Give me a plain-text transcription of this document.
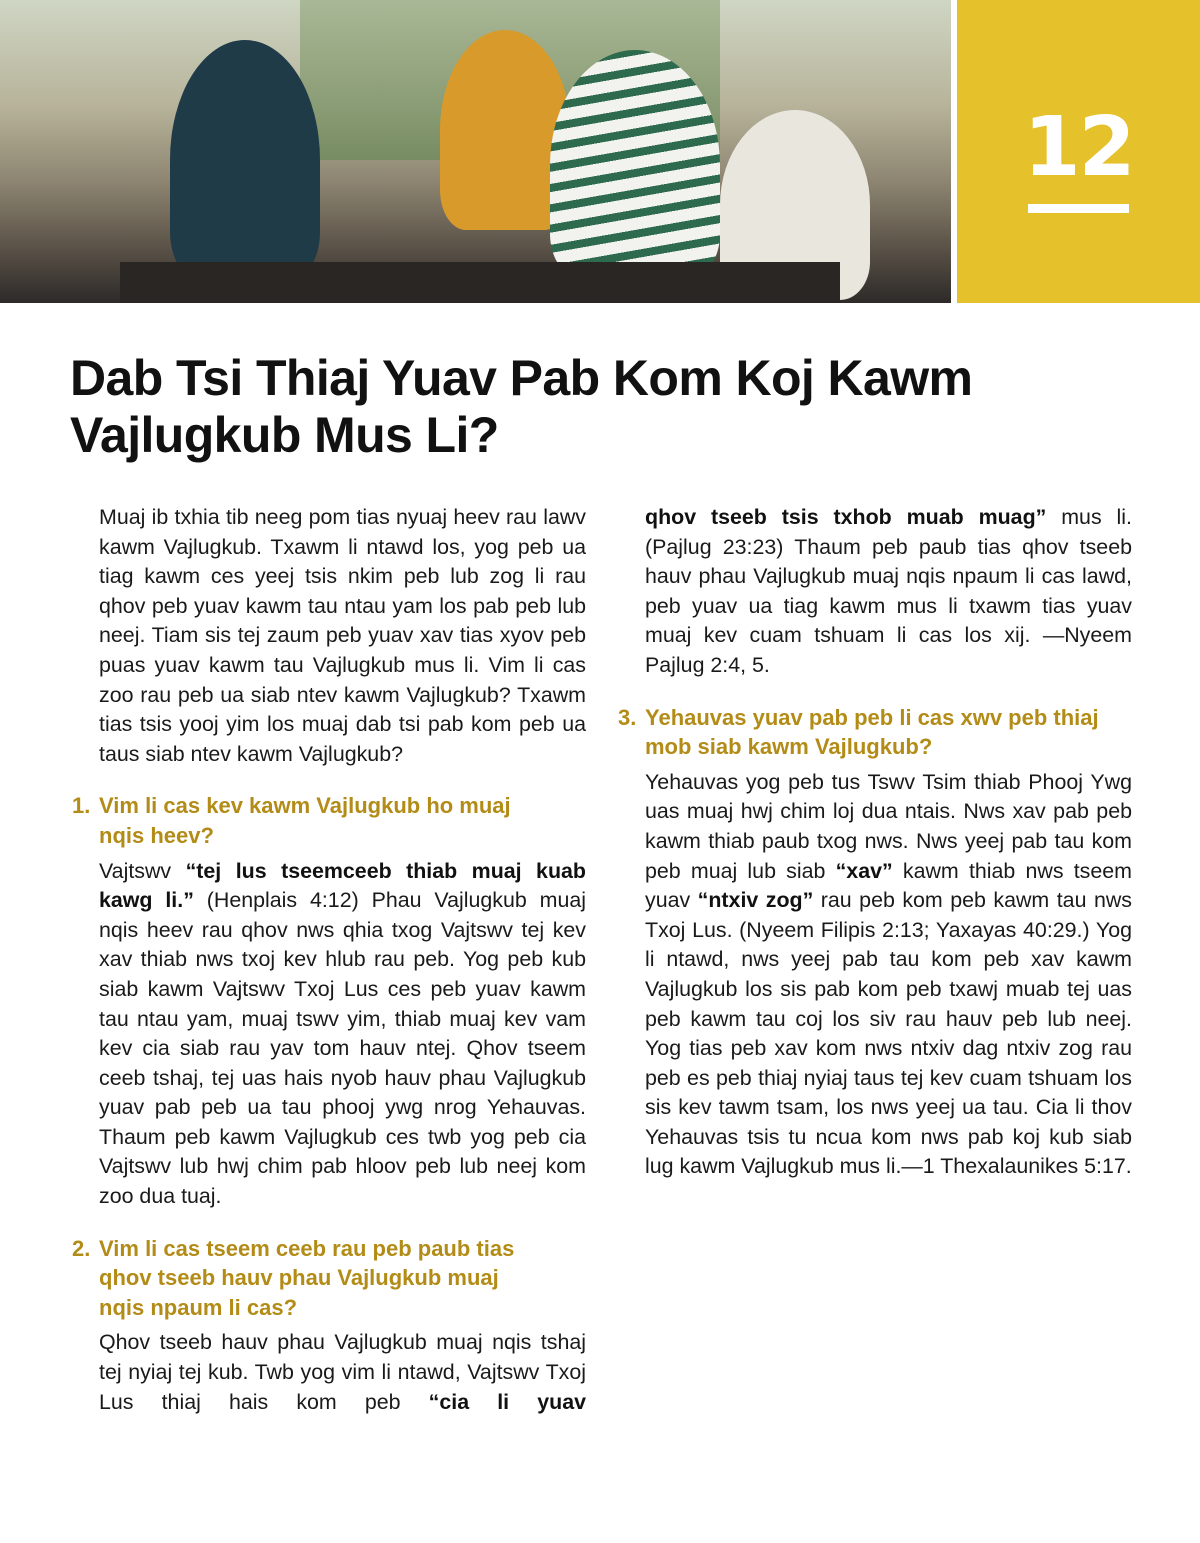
12
Dab Tsi Thiaj Yuav Pab Kom Koj Kawm Vajlugkub Mus Li?

Muaj ib txhia tib neeg pom tias nyuaj heev rau lawv kawm Vajlugkub. Txawm li ntawd los, yog peb ua tiag kawm ces yeej tsis nkim peb lub zog li rau qhov peb yuav kawm tau ntau yam los pab peb lub neej. Tiam sis tej zaum peb yuav xav tias xyov peb puas yuav kawm tau Vajlugkub mus li. Vim li cas zoo rau peb ua siab ntev kawm Vajlugkub? Txawm tias tsis yooj yim los muaj dab tsi pab kom peb ua taus siab ntev kawm Vajlugkub?

1. Vim li cas kev kawm Vajlugkub ho muaj nqis heev?

Vajtswv “tej lus tseemceeb thiab muaj kuab kawg li.” (Henplais 4:12) Phau Vajlugkub muaj nqis heev rau qhov nws qhia txog Vajtswv tej kev xav thiab nws txoj kev hlub rau peb. Yog peb kub siab kawm Vajtswv Txoj Lus ces peb yuav kawm tau ntau yam, muaj tswv yim, thiab muaj kev vam kev cia siab rau yav tom hauv ntej. Qhov tseem ceeb tshaj, tej uas hais nyob hauv phau Vajlugkub yuav pab peb ua tau phooj ywg nrog Yehauvas. Thaum peb kawm Vajlugkub ces twb yog peb cia Vajtswv lub hwj chim pab hloov peb lub neej kom zoo dua tuaj.

2. Vim li cas tseem ceeb rau peb paub tias qhov tseeb hauv phau Vajlugkub muaj nqis npaum li cas?

Qhov tseeb hauv phau Vajlugkub muaj nqis tshaj tej nyiaj tej kub. Twb yog vim li ntawd, Vajtswv Txoj Lus thiaj hais kom peb “cia li yuav

qhov tseeb tsis txhob muab muag” mus li. (Pajlug 23:23) Thaum peb paub tias qhov tseeb hauv phau Vajlugkub muaj nqis npaum li cas lawd, peb yuav ua tiag kawm mus li txawm tias yuav muaj kev cuam tshuam li cas los xij. —Nyeem Pajlug 2:4, 5.

3. Yehauvas yuav pab peb li cas xwv peb thiaj mob siab kawm Vajlugkub?

Yehauvas yog peb tus Tswv Tsim thiab Phooj Ywg uas muaj hwj chim loj dua ntais. Nws xav pab peb kawm thiab paub txog nws. Nws yeej pab tau kom peb muaj lub siab “xav” kawm thiab nws tseem yuav “ntxiv zog” rau peb kom peb kawm tau nws Txoj Lus. (Nyeem Filipis 2:13; Yaxayas 40:29.) Yog li ntawd, nws yeej pab tau kom peb xav kawm Vajlugkub los sis pab kom peb txawj muab tej uas peb kawm tau coj los siv rau hauv peb lub neej. Yog tias peb xav kom nws ntxiv dag ntxiv zog rau peb es peb thiaj nyiaj taus tej kev cuam tshuam los sis kev tawm tsam, los nws yeej ua tau. Cia li thov Yehauvas tsis tu ncua kom nws pab koj kub siab lug kawm Vajlugkub mus li.—1 Thexalaunikes 5:17.
